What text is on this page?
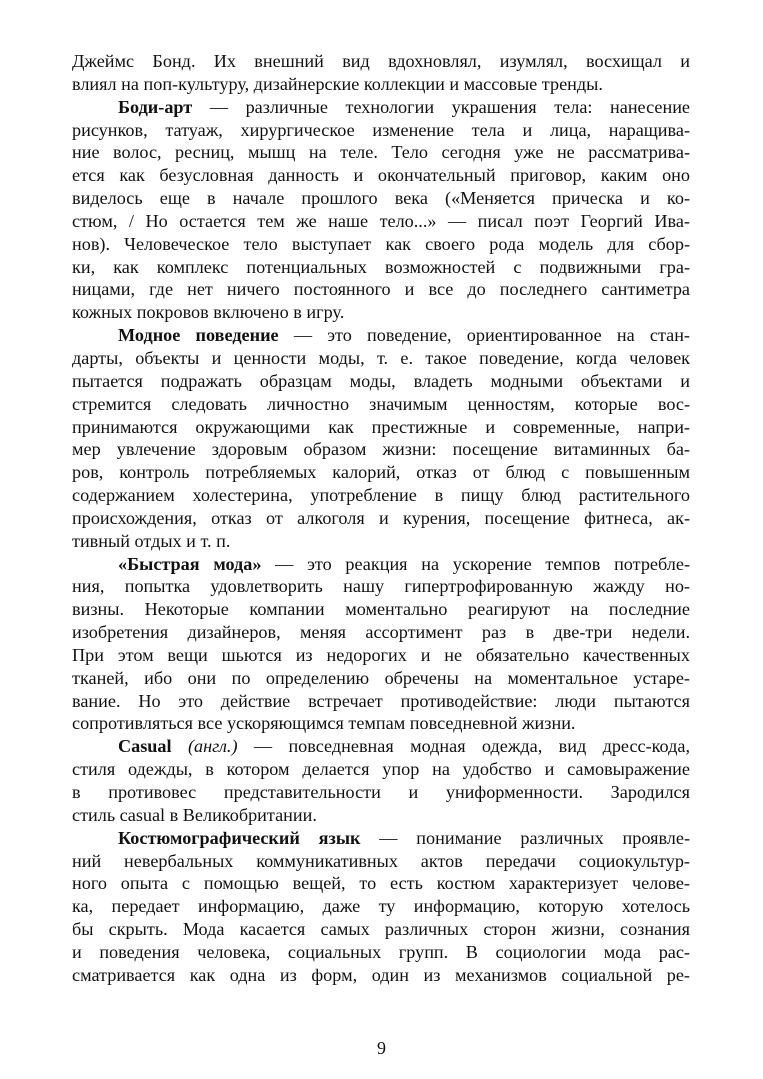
Джеймс Бонд. Их внешний вид вдохновлял, изумлял, восхищал и
влиял на поп-культуру, дизайнерские коллекции и массовые тренды.
Боди-арт — различные технологии украшения тела: нанесение
рисунков, татуаж, хирургическое изменение тела и лица, наращива-
ние волос, ресниц, мышц на теле. Тело сегодня уже не рассматрива-
ется как безусловная данность и окончательный приговор, каким оно
виделось еще в начале прошлого века («Меняется прическа и ко-
стюм, / Но остается тем же наше тело...» — писал поэт Георгий Ива-
нов). Человеческое тело выступает как своего рода модель для сбор-
ки, как комплекс потенциальных возможностей с подвижными гра-
ницами, где нет ничего постоянного и все до последнего сантиметра
кожных покровов включено в игру.
Модное поведение — это поведение, ориентированное на стан-
дарты, объекты и ценности моды, т. е. такое поведение, когда человек
пытается подражать образцам моды, владеть модными объектами и
стремится следовать личностно значимым ценностям, которые вос-
принимаются окружающими как престижные и современные, напри-
мер увлечение здоровым образом жизни: посещение витаминных ба-
ров, контроль потребляемых калорий, отказ от блюд с повышенным
содержанием холестерина, употребление в пищу блюд растительного
происхождения, отказ от алкоголя и курения, посещение фитнеса, ак-
тивный отдых и т. п.
«Быстрая мода» — это реакция на ускорение темпов потребле-
ния, попытка удовлетворить нашу гипертрофированную жажду но-
визны. Некоторые компании моментально реагируют на последние
изобретения дизайнеров, меняя ассортимент раз в две-три недели.
При этом вещи шьются из недорогих и не обязательно качественных
тканей, ибо они по определению обречены на моментальное устаре-
вание. Но это действие встречает противодействие: люди пытаются
сопротивляться все ускоряющимся темпам повседневной жизни.
Casual (англ.) — повседневная модная одежда, вид дресс-кода,
стиля одежды, в котором делается упор на удобство и самовыражение
в противовес представительности и униформенности. Зародился
стиль casual в Великобритании.
Костюмографический язык — понимание различных проявле-
ний невербальных коммуникативных актов передачи социокультур-
ного опыта с помощью вещей, то есть костюм характеризует челове-
ка, передает информацию, даже ту информацию, которую хотелось
бы скрыть. Мода касается самых различных сторон жизни, сознания
и поведения человека, социальных групп. В социологии мода рас-
сматривается как одна из форм, один из механизмов социальной ре-
9
